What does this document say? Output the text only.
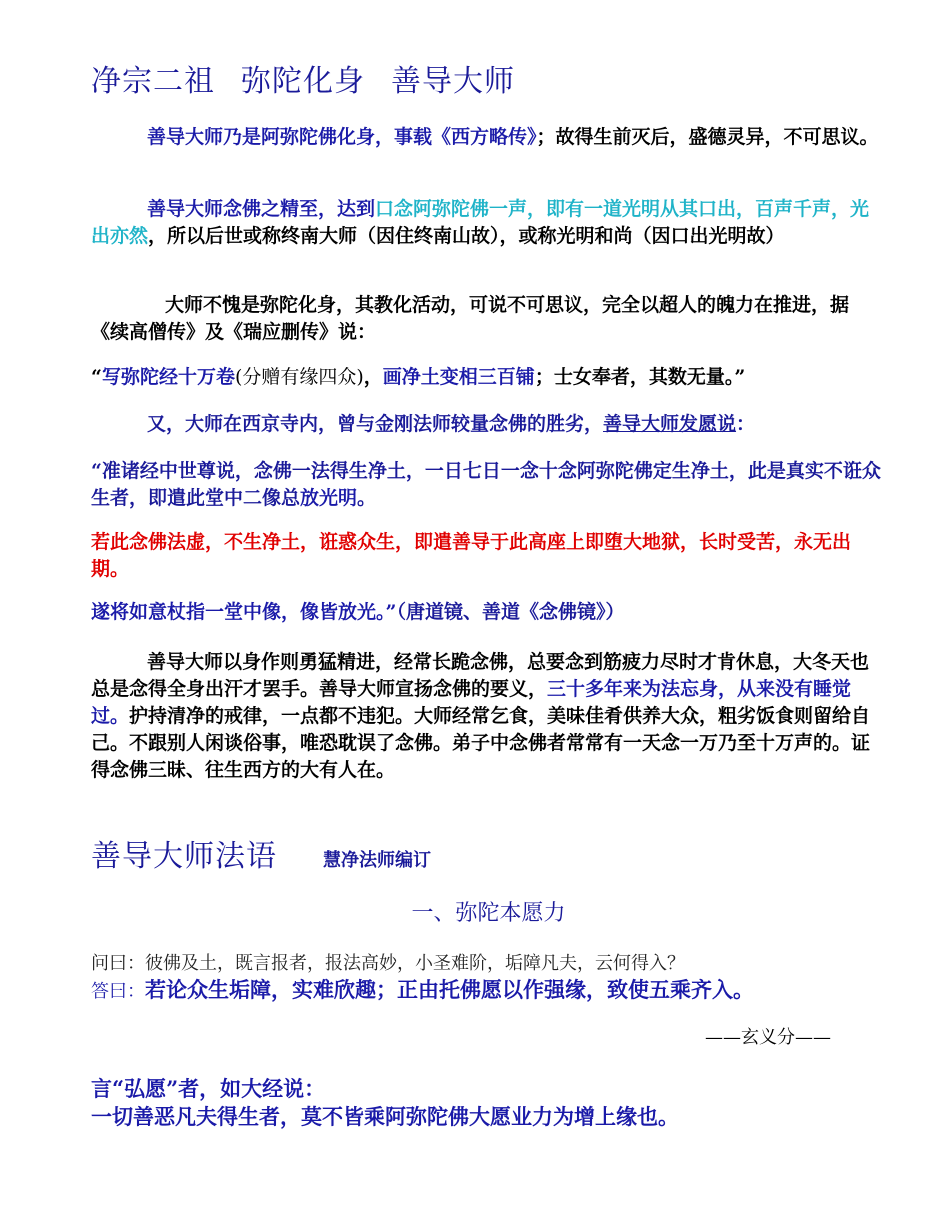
净宗二祖 弥陀化身 善导大师
善导大师乃是阿弥陀佛化身，事载《西方略传》；故得生前灭后，盛德灵异，不可思议。
善导大师念佛之精至，达到口念阿弥陀佛一声，即有一道光明从其口出，百声千声，光出亦然，所以后世或称终南大师（因住终南山故），或称光明和尚（因口出光明故）
大师不愧是弥陀化身，其教化活动，可说不可思议，完全以超人的魄力在推进，据《续高僧传》及《瑞应删传》说：
“写弥陀经十万卷(分赠有缘四众)，画净土变相三百铺；士女奉者，其数无量。”
又，大师在西京寺内，曾与金刚法师较量念佛的胜劣，善导大师发愿说：
“准诸经中世尊说，念佛一法得生净土，一日七日一念十念阿弥陀佛定生净土，此是真实不诳众生者，即遣此堂中二像总放光明。
若此念佛法虚，不生净土，诳惑众生，即遣善导于此高座上即堕大地狱，长时受苦，永无出期。
遂将如意杖指一堂中像，像皆放光。”（唐道镜、善道《念佛镜》）
善导大师以身作则勇猛精进，经常长跪念佛，总要念到筋疲力尽时才肯休息，大冬天也总是念得全身出汗才罢手。善导大师宣扬念佛的要义，三十多年来为法忘身，从来没有睡觉过。护持清净的戒律，一点都不违犯。大师经常乞食，美味佳肴供养大众，粗劣饭食则留给自己。不跟别人闲谈俗事，唯恐耽误了念佛。弟子中念佛者常常有一天念一万乃至十万声的。证得念佛三昧、往生西方的大有人在。
善导大师法语	慧净法师编订
一、弥陀本愿力
问曰：彼佛及土，既言报者，报法高妙，小圣难阶，垢障凡夫，云何得入？
答曰：若论众生垢障，实难欣趣；正由托佛愿以作强缘，致使五乘齐入。
——玄义分——
言“弘愿”者，如大经说：
一切善恶凡夫得生者，莫不皆乘阿弥陀佛大愿业力为增上缘也。
